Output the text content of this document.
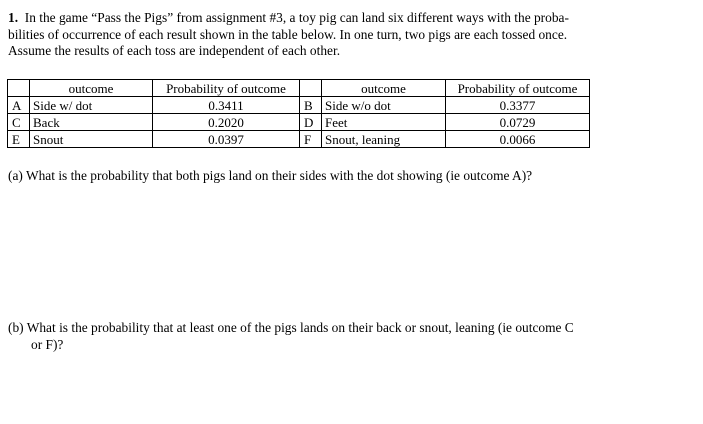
1. In the game “Pass the Pigs” from assignment #3, a toy pig can land six different ways with the proba-
bilities of occurrence of each result shown in the table below. In one turn, two pigs are each tossed once.
Assume the results of each toss are independent of each other.
	outcome	Probability of outcome		outcome	Probability of outcome
A	Side w/ dot	0.3411	B	Side w/o dot	0.3377
C	Back	0.2020	D	Feet	0.0729
E	Snout	0.0397	F	Snout, leaning	0.0066
(a) What is the probability that both pigs land on their sides with the dot showing (ie outcome A)?
(b) What is the probability that at least one of the pigs lands on their back or snout, leaning (ie outcome C
or F)?
